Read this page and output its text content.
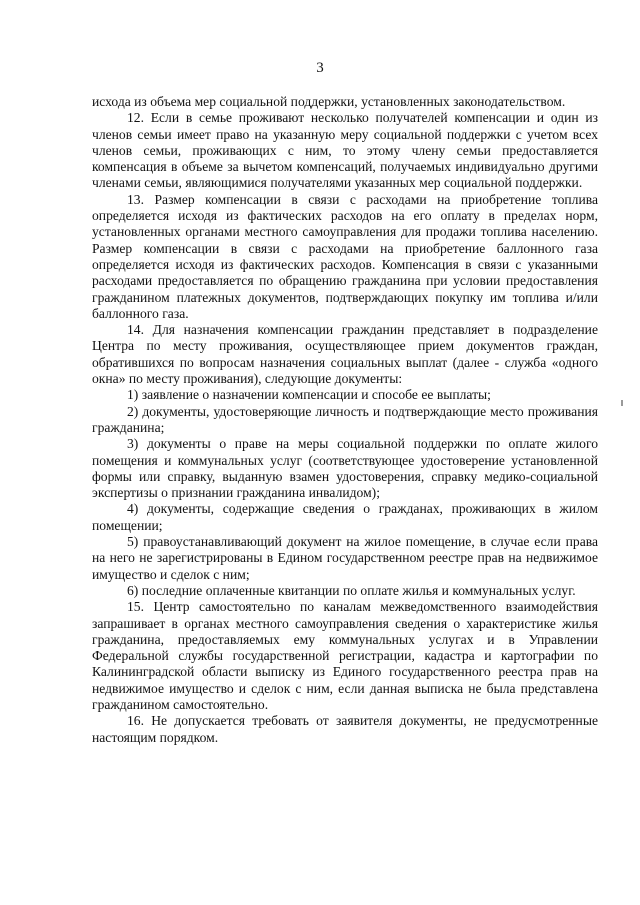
3

исхода из объема мер социальной поддержки, установленных законодательством.

12. Если в семье проживают несколько получателей компенсации и один из членов семьи имеет право на указанную меру социальной поддержки с учетом всех членов семьи, проживающих с ним, то этому члену семьи предоставляется компенсация в объеме за вычетом компенсаций, получаемых индивидуально другими членами семьи, являющимися получателями указанных мер социальной поддержки.

13. Размер компенсации в связи с расходами на приобретение топлива определяется исходя из фактических расходов на его оплату в пределах норм, установленных органами местного самоуправления для продажи топлива населению. Размер компенсации в связи с расходами на приобретение баллонного газа определяется исходя из фактических расходов. Компенсация в связи с указанными расходами предоставляется по обращению гражданина при условии предоставления гражданином платежных документов, подтверждающих покупку им топлива и/или баллонного газа.

14. Для назначения компенсации гражданин представляет в подразделение Центра по месту проживания, осуществляющее прием документов граждан, обратившихся по вопросам назначения социальных выплат (далее - служба «одного окна» по месту проживания), следующие документы:

1) заявление о назначении компенсации и способе ее выплаты;

2) документы, удостоверяющие личность и подтверждающие место проживания гражданина;

3) документы о праве на меры социальной поддержки по оплате жилого помещения и коммунальных услуг (соответствующее удостоверение установленной формы или справку, выданную взамен удостоверения, справку медико-социальной экспертизы о признании гражданина инвалидом);

4) документы, содержащие сведения о гражданах, проживающих в жилом помещении;

5) правоустанавливающий документ на жилое помещение, в случае если права на него не зарегистрированы в Едином государственном реестре прав на недвижимое имущество и сделок с ним;

6) последние оплаченные квитанции по оплате жилья и коммунальных услуг.

15. Центр самостоятельно по каналам межведомственного взаимодействия запрашивает в органах местного самоуправления сведения о характеристике жилья гражданина, предоставляемых ему коммунальных услугах и в Управлении Федеральной службы государственной регистрации, кадастра и картографии по Калининградской области выписку из Единого государственного реестра прав на недвижимое имущество и сделок с ним, если данная выписка не была представлена гражданином самостоятельно.

16. Не допускается требовать от заявителя документы, не предусмотренные настоящим порядком.
